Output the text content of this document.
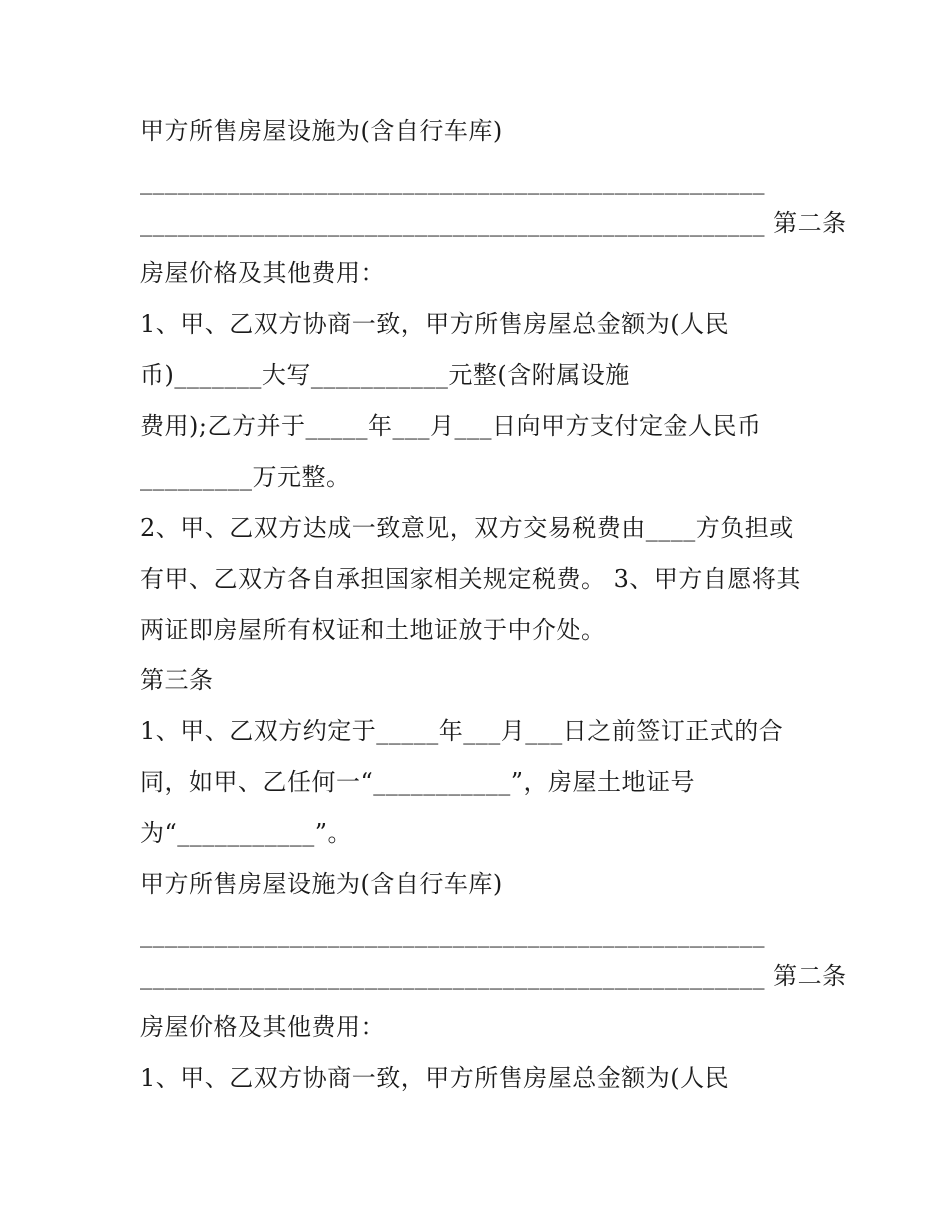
甲方所售房屋设施为(含自行车库)
__________________________________________________
__________________________________________________ 第二条
房屋价格及其他费用：
1、甲、乙双方协商一致，甲方所售房屋总金额为(人民
币)_______大写___________元整(含附属设施
费用);乙方并于_____年___月___日向甲方支付定金人民币
_________万元整。
2、甲、乙双方达成一致意见，双方交易税费由____方负担或
有甲、乙双方各自承担国家相关规定税费。 3、甲方自愿将其
两证即房屋所有权证和土地证放于中介处。
第三条
1、甲、乙双方约定于_____年___月___日之前签订正式的合
同，如甲、乙任何一“___________”，房屋土地证号
为“___________”。
甲方所售房屋设施为(含自行车库)
__________________________________________________
__________________________________________________ 第二条
房屋价格及其他费用：
1、甲、乙双方协商一致，甲方所售房屋总金额为(人民
